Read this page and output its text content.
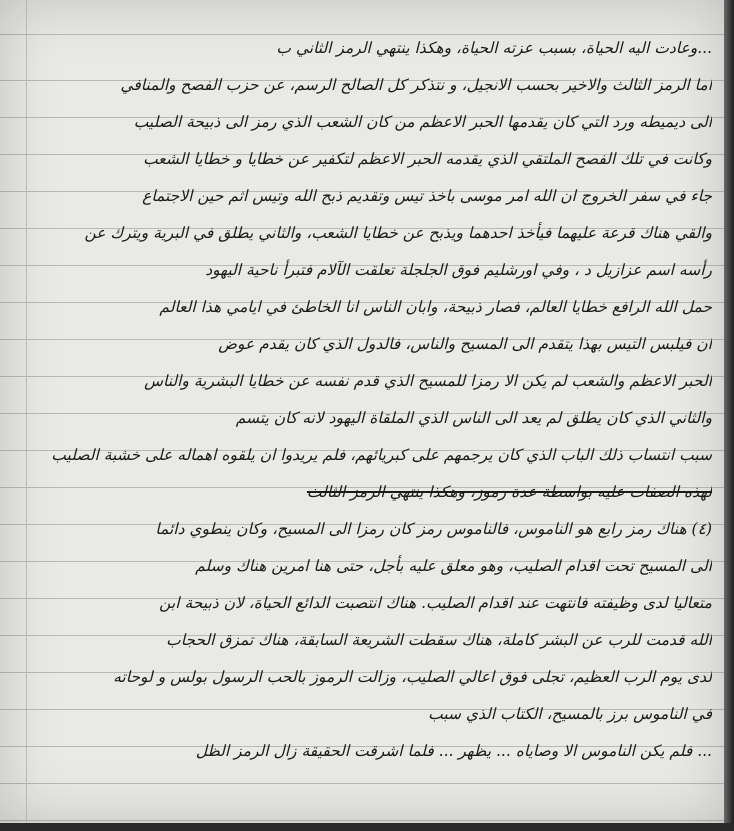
...وعادت اليه الحياة، بسبب عزته الحياة، وهكذا ينتهي الرمز الثاني ب
اما الرمز الثالث والاخير بحسب الانجيل، و نتذكر كل الصالح الرسم، عن حزب الفصح والمنافي
الى ديميطه ورد التي كان يقدمها الحبر الاعظم من كان الشعب الذي رمز الى ذبيحة الصليب
وكانت في تلك الفصح الملتقي الذي يقدمه الحبر الاعظم لتكفير عن خطايا و خطايا الشعب
جاء في سفر الخروج ان الله امر موسى باخذ تيس وتقديم ذبح الله وتيس اثم حين الاجتماع
والقي هناك قرعة عليهما فيأخذ احدهما ويذبح عن خطايا الشعب، والثاني يطلق في البرية ويترك عن
رأسه اسم عزازيل د ، وفي اورشليم فوق الجلجلة تعلقت الآلام فتبرأ ناحية اليهود
حمل الله الرافع خطايا العالم، فصار ذبيحة، وابان الناس انا الخاطئ في ايامي هذا العالم
ان فيلبس التيس بهذا يتقدم الى المسيح والناس، فالدول الذي كان يقدم عوض
الحبر الاعظم والشعب لم يكن الا رمزا للمسيح الذي قدم نفسه عن خطايا البشرية والناس
والثاني الذي كان يطلق لم يعد الى الناس الذي الملقاة اليهود لانه كان يتسم
سبب انتساب ذلك الباب الذي كان يرجمهم على كبريائهم، فلم يريدوا ان يلقوه اهماله على خشبة الصليب
لهذه الصفات عليه بواسطة عدة رموز، وهكذا ينتهي الرمز الثالث
(٤) هناك رمز رابع هو الناموس، فالناموس رمز كان رمزا الى المسيح، وكان ينطوي دائما
الى المسيح تحت اقدام الصليب، وهو معلق عليه بأجل، حتى هنا امرين هناك وسلم
متعاليا لدى وظيفته فانتهت عند اقدام الصليب. هناك انتصبت الدائع الحياة، لان ذبيحة ابن
الله قدمت للرب عن البشر كاملة، هناك سقطت الشريعة السابقة، هناك تمزق الحجاب
لدى يوم الرب العظيم، تجلى فوق اعالي الصليب، وزالت الرموز بالحب الرسول بولس و لوحاته
في الناموس برز بالمسيح، الكتاب الذي سبب
... فلم يكن الناموس الا وصاياه ... يظهر ... فلما اشرقت الحقيقة زال الرمز الظل
